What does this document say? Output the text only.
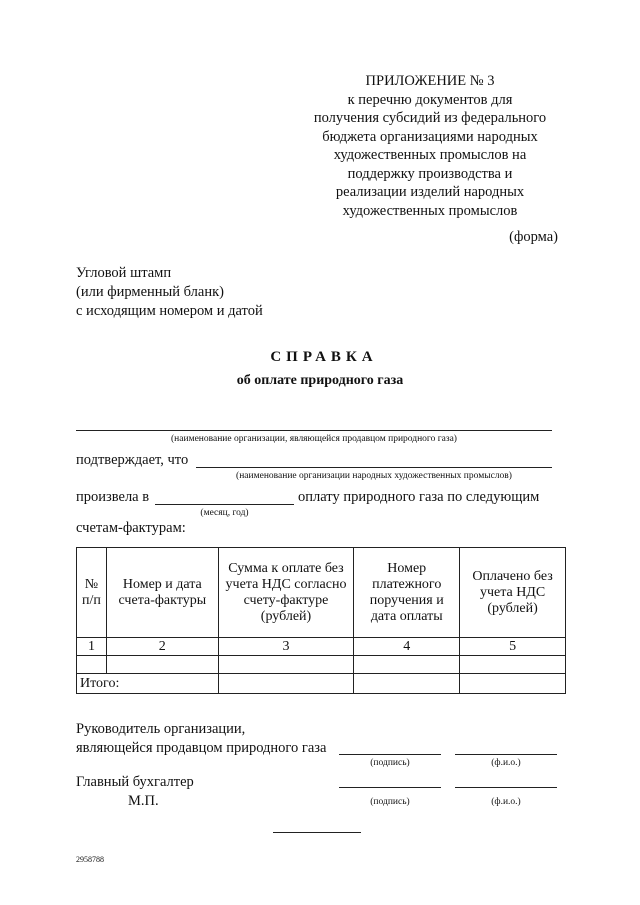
ПРИЛОЖЕНИЕ № 3
к перечню документов для
получения субсидий из федерального
бюджета организациями народных
художественных промыслов на
поддержку производства и
реализации изделий народных
художественных промыслов
(форма)
Угловой штамп
(или фирменный бланк)
с исходящим номером и датой
СПРАВКА
об оплате природного газа
(наименование организации, являющейся продавцом природного газа)
подтверждает, что
(наименование организации народных художественных промыслов)
произвела в	оплату природного газа по следующим
(месяц, год)
счетам-фактурам:
№ п/п	Номер и дата счета-фактуры	Сумма к оплате без учета НДС согласно счету-фактуре (рублей)	Номер платежного поручения и дата оплаты	Оплачено без учета НДС (рублей)
1	2	3	4	5

Итого:				
Руководитель организации,
являющейся продавцом природного газа
(подпись)	(ф.и.о.)
Главный бухгалтер
М.П.	(подпись)	(ф.и.о.)
2958788
